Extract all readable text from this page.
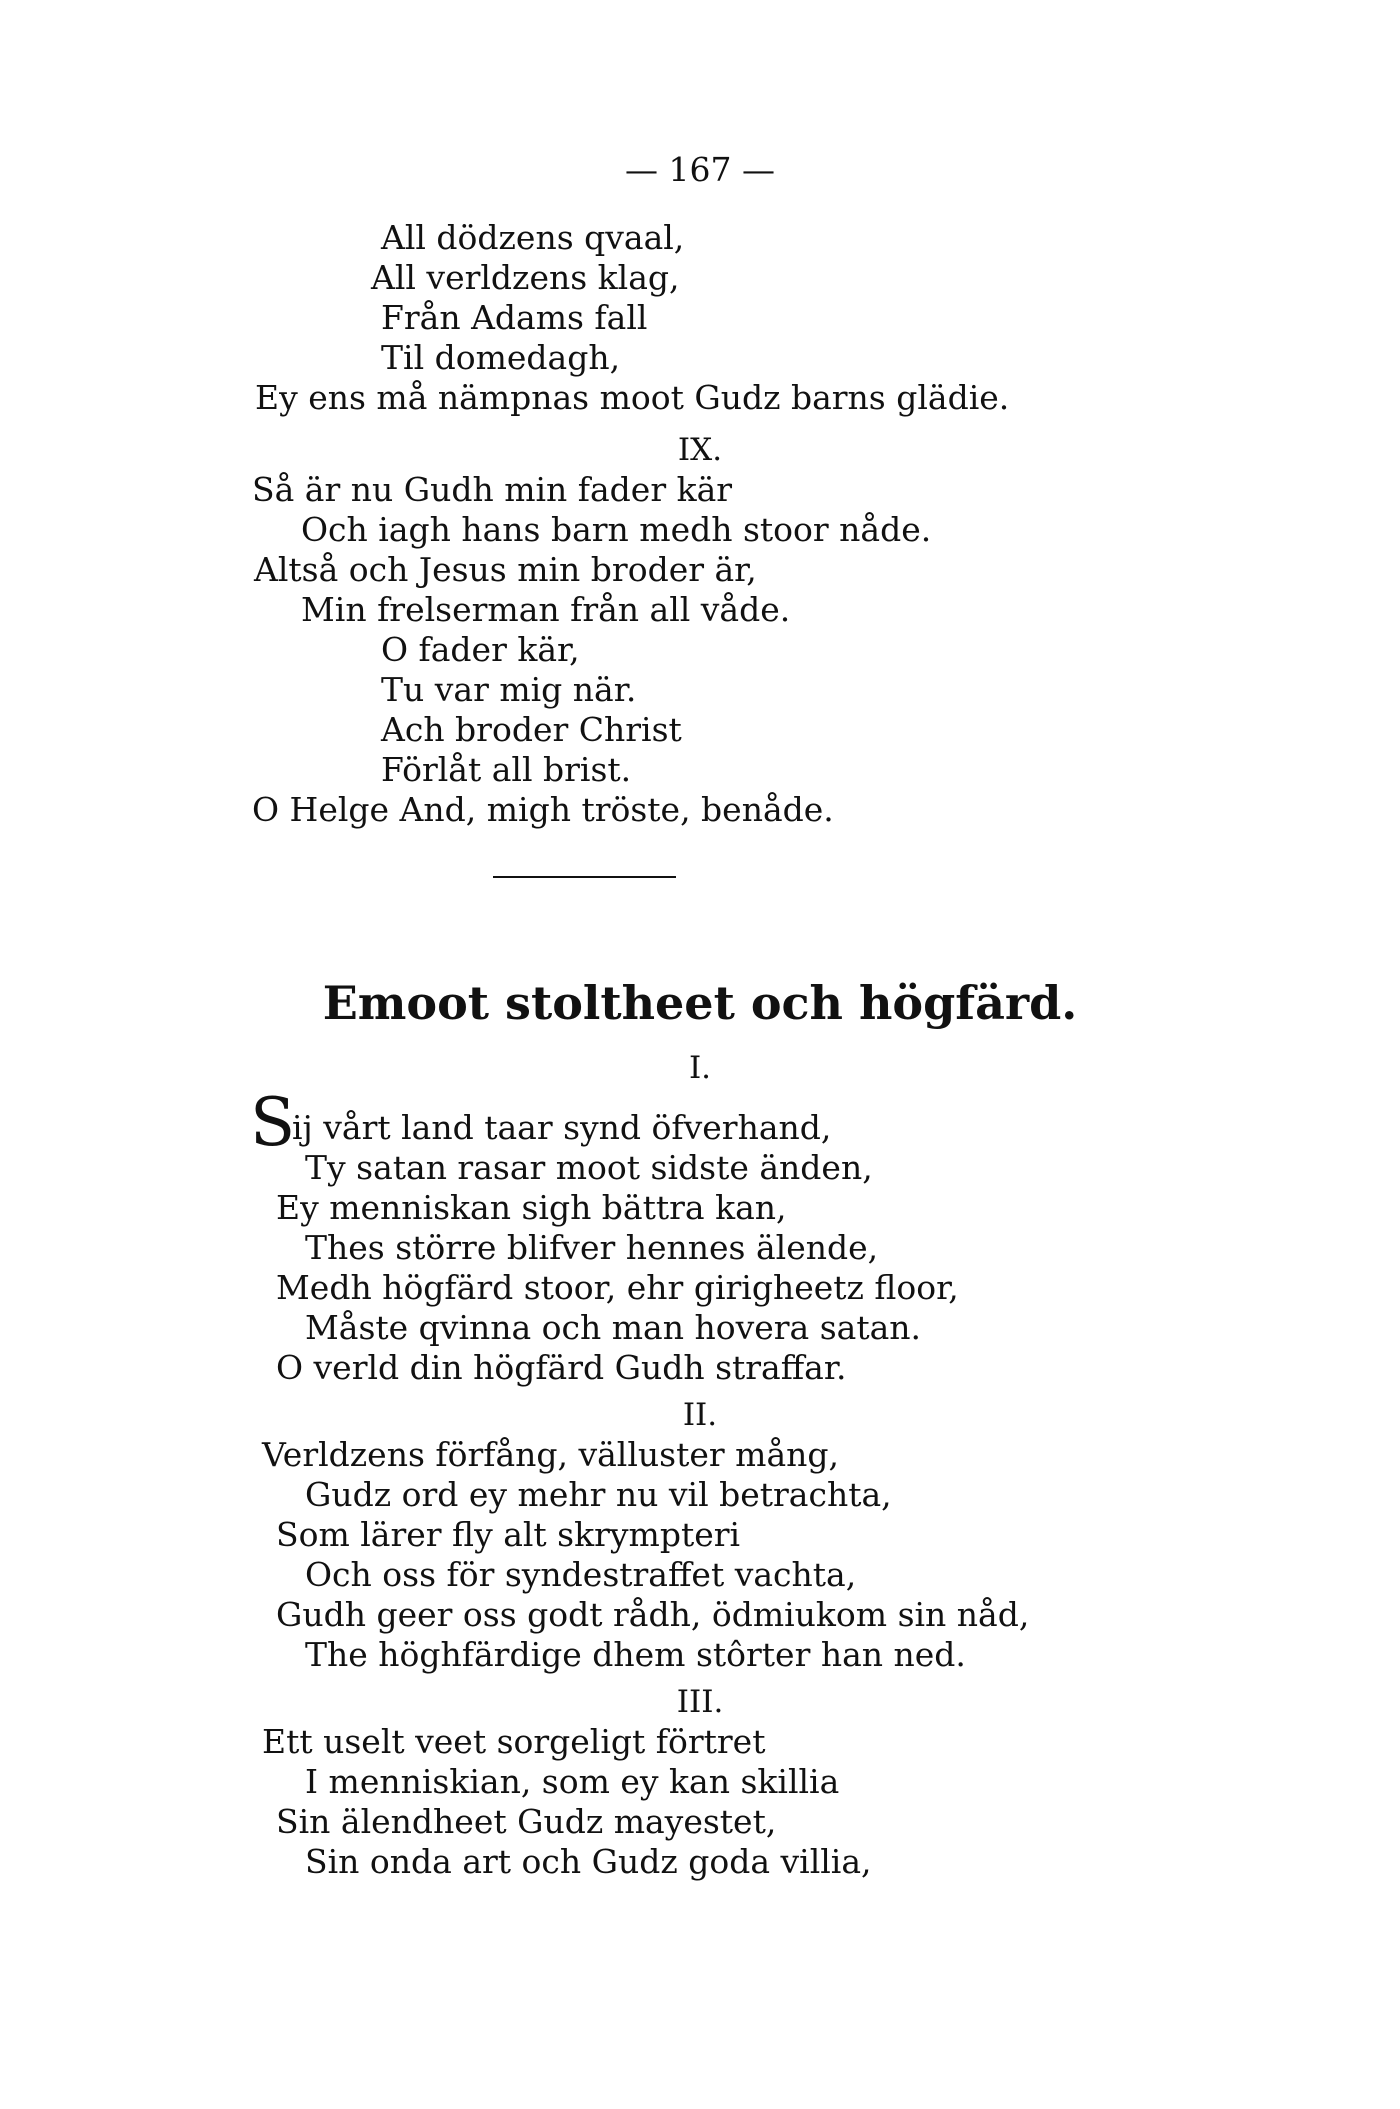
— 167 —
All dödzens qvaal,
All verldzens klag,
Från Adams fall
Til domedagh,
Ey ens må nämpnas moot Gudz barns glädie.
IX.
Så är nu Gudh min fader kär
Och iagh hans barn medh stoor nåde.
Altså och Jesus min broder är,
Min frelserman från all våde.
O fader kär,
Tu var mig när.
Ach broder Christ
Förlåt all brist.
O Helge And, migh tröste, benåde.
Emoot stoltheet och högfärd.
I.
S
ij vårt land taar synd öfverhand,
Ty satan rasar moot sidste änden,
Ey menniskan sigh bättra kan,
Thes större blifver hennes älende,
Medh högfärd stoor, ehr girigheetz floor,
Måste qvinna och man hovera satan.
O verld din högfärd Gudh straffar.
II.
Verldzens förfång, välluster mång,
Gudz ord ey mehr nu vil betrachta,
Som lärer fly alt skrympteri
Och oss för syndestraffet vachta,
Gudh geer oss godt rådh, ödmiukom sin nåd,
The höghfärdige dhem stôrter han ned.
III.
Ett uselt veet sorgeligt förtret
I menniskian, som ey kan skillia
Sin älendheet Gudz mayestet,
Sin onda art och Gudz goda villia,
